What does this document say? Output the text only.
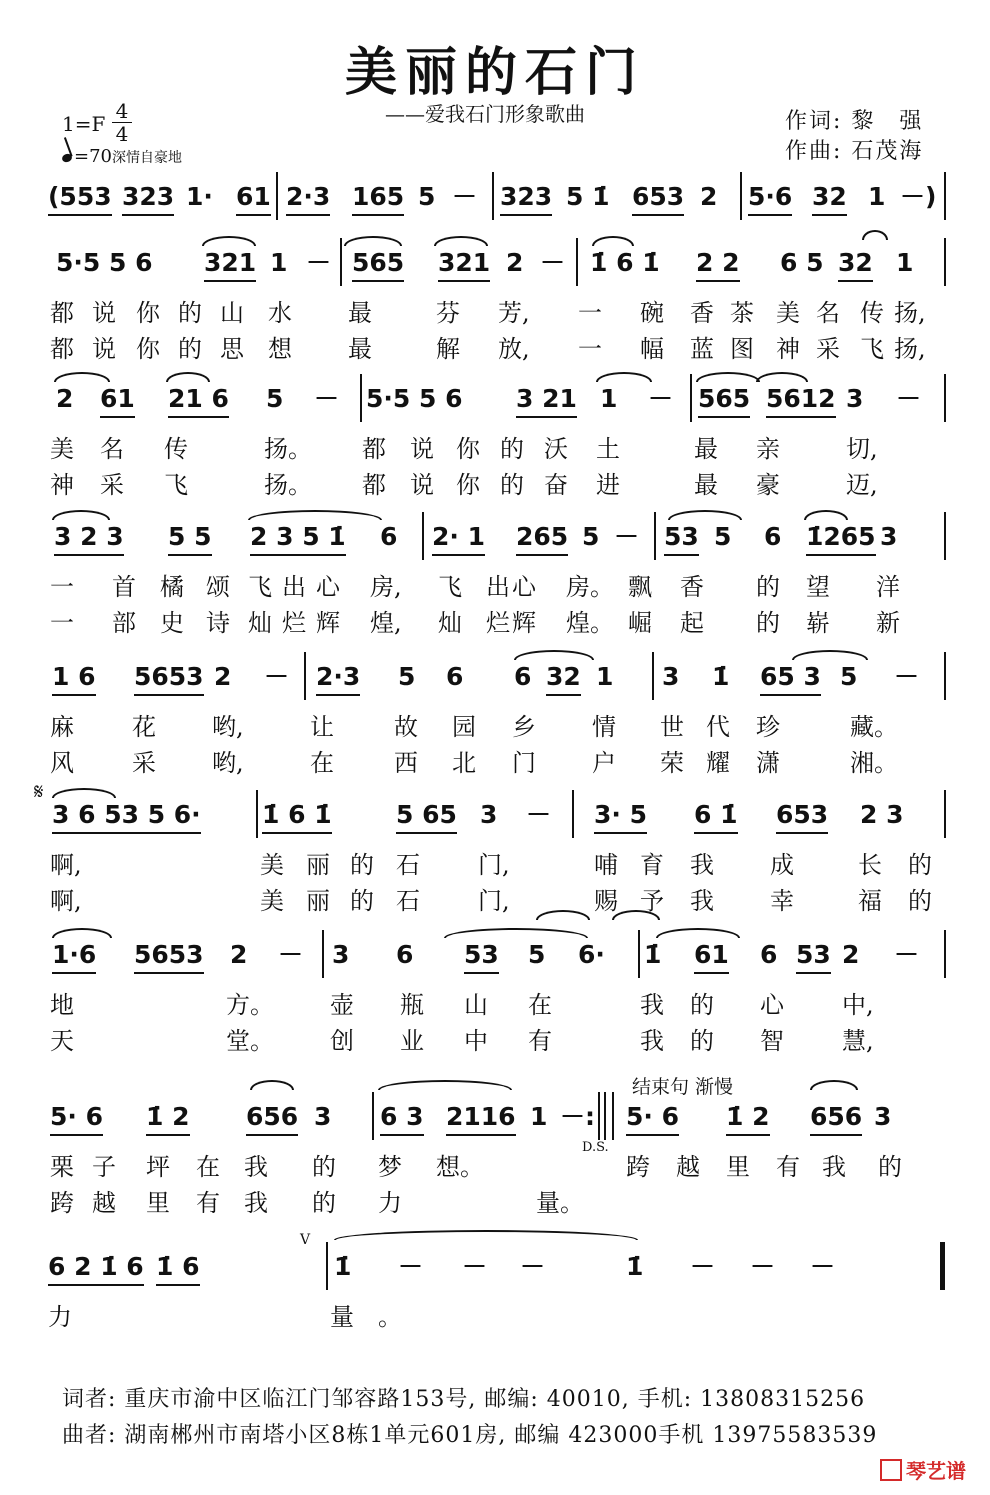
美丽的石门
——爱我石门形象歌曲	作词: 黎　强
作曲: 石茂海
$1=F \frac{4}{4}$
=70深情自豪地
(553 323 1· 61 2·3 165 5 － 323 5 1̇ 653 2 5·6 32 1 －)
5·5 5 6 321 1 － 565 321 2 － 1̇ 6 1̇ 2 2 6 5 32 1
都 说 你 的 山 水 最	芬 芳, 一 碗 香 茶 美 名 传 扬,
都 说 你 的 思 想 最	解 放, 一 幅 蓝 图 神 采 飞 扬,
2 61 21 6 5 － 5·5 5 6 3 21 1 － 565 5612 3 －
美 名 传	扬。 都 说 你 的 沃 土	最 亲	切,
神 采 飞	扬。 都 说 你 的 奋 进	最 豪	迈,
3 2 3 5 5 2 3 5 1̇ 6 2· 1 265 5 － 53 5 6 1̇265 3
一 首 橘 颂 飞 出 心 房, 飞 出 心 房。 飘 香 的 望 洋
一 部 史 诗 灿 烂 辉 煌, 灿 烂 辉 煌。 崛 起 的 崭 新
1 6 5653 2 － 2·3 5 6 6 32 1 3 1̇ 65 3 5 －
麻 花 哟,	让	故 园 乡 情 世 代 珍	藏。
风 采 哟,	在	西 北 门 户 荣 耀 潇	湘。
3 6 53 5 6· 1̇ 6 1̇	5 65 3 － 3· 5 6 1̇ 653 2 3
啊,	美 丽 的 石 门,	哺 育 我 成	长 的
啊,	美 丽 的 石 门,	赐 予 我 幸	福 的
1·6 5653 2 － 3 6 53 5 6· 1̇ 61 6 53 2 －
地	方。 壶 瓶 山 在	我 的 心 中,
天	堂。 创 业 中 有	我 的 智 慧,
5· 6 1̇ 2 656 3 6 3 2116 1 －: 5· 6 1̇ 2 656 3
栗 子 坪 在 我 的 梦 想。	跨 越 里 有 我 的
跨 越 里 有 我 的 力	量。
6 2 1̇ 6 1̇ 6	1̇ － － －	1̇ － － －
力	量 。
结束句 渐慢
D.S.
𝄋
V
词者: 重庆市渝中区临江门邹容路153号, 邮编: 40010, 手机: 13808315256
曲者: 湖南郴州市南塔小区8栋1单元601房, 邮编 423000手机 13975583539
琴艺谱
